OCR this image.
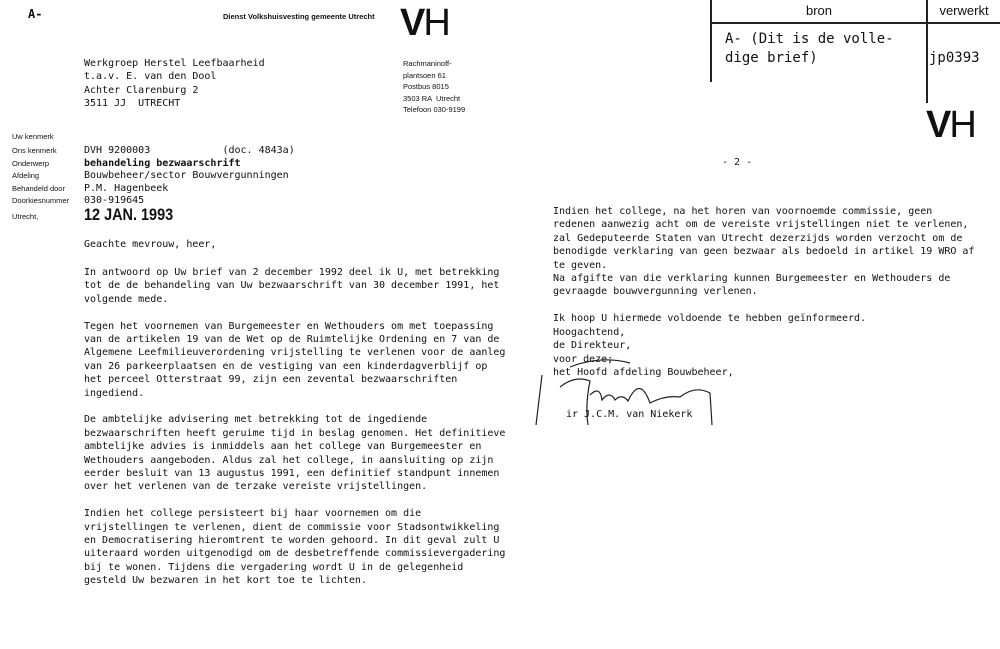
A-	Dienst Volkshuisvesting gemeente Utrecht VH
Rachmaninoff-
plantsoen 61
Postbus 8015
3503 RA  Utrecht
Telefoon 030-9199
Werkgroep Herstel Leefbaarheid
t.a.v. E. van den Dool
Achter Clarenburg 2
3511 JJ  UTRECHT
Uw kenmerk
Ons kenmerk	DVH 9200003            (doc. 4843a)
Onderwerp	behandeling bezwaarschrift
Afdeling	Bouwbeheer/sector Bouwvergunningen
Behandeld door	P.M. Hagenbeek
Doorkiesnummer	030-919645
Utrecht,	12 JAN. 1993
Geachte mevrouw, heer,
In antwoord op Uw brief van 2 december 1992 deel ik U, met betrekking
tot de de behandeling van Uw bezwaarschrift van 30 december 1991, het
volgende mede.
Tegen het voornemen van Burgemeester en Wethouders om met toepassing
van de artikelen 19 van de Wet op de Ruimtelijke Ordening en 7 van de
Algemene Leefmilieuverordening vrijstelling te verlenen voor de aanleg
van 26 parkeerplaatsen en de vestiging van een kinderdagverblijf op
het perceel Otterstraat 99, zijn een zevental bezwaarschriften
ingediend.
De ambtelijke advisering met betrekking tot de ingediende
bezwaarschriften heeft geruime tijd in beslag genomen. Het definitieve
ambtelijke advies is inmiddels aan het college van Burgemeester en
Wethouders aangeboden. Aldus zal het college, in aansluiting op zijn
eerder besluit van 13 augustus 1991, een definitief standpunt innemen
over het verlenen van de terzake vereiste vrijstellingen.
Indien het college persisteert bij haar voornemen om die
vrijstellingen te verlenen, dient de commissie voor Stadsontwikkeling
en Democratisering hieromtrent te worden gehoord. In dit geval zult U
uiteraard worden uitgenodigd om de desbetreffende commissievergadering
bij te wonen. Tijdens die vergadering wordt U in de gelegenheid
gesteld Uw bezwaren in het kort toe te lichten.
bron	verwerkt
A- (Dit is de volle-
dige brief)	jp0393
VH
- 2 -
Indien het college, na het horen van voornoemde commissie, geen
redenen aanwezig acht om de vereiste vrijstellingen niet te verlenen,
zal Gedeputeerde Staten van Utrecht dezerzijds worden verzocht om de
benodigde verklaring van geen bezwaar als bedoeld in artikel 19 WRO af
te geven.
Na afgifte van die verklaring kunnen Burgemeester en Wethouders de
gevraagde bouwvergunning verlenen.
Ik hoop U hiermede voldoende te hebben geïnformeerd.
Hoogachtend,
de Direkteur,
voor deze;
het Hoofd afdeling Bouwbeheer,
ir J.C.M. van Niekerk
